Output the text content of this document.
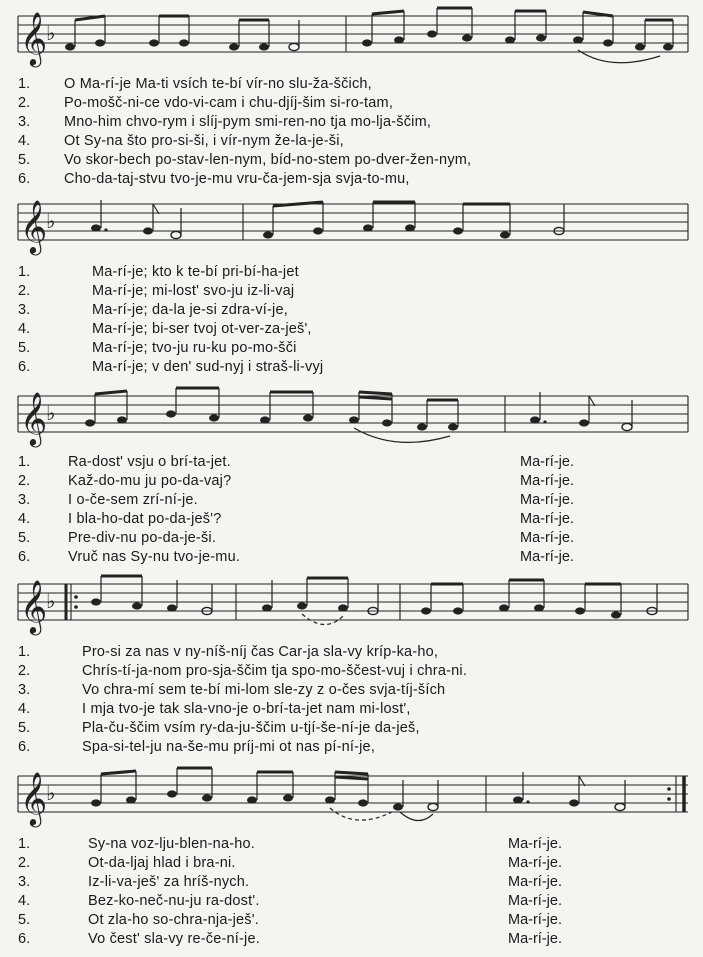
𝄞
♭
1.	O Ma-rí-je Ma-ti vsích te-bí vír-no slu-ža-ščich,
2.	Po-mošč-ni-ce vdo-vi-cam i chu-djíj-šim si-ro-tam,
3.	Mno-him chvo-rym i slíj-pym smi-ren-no tja mo-lja-ščim,
4.	Ot Sy-na što pro-si-ši, i vír-nym že-la-je-ši,
5.	Vo skor-bech po-stav-len-nym, bíd-no-stem po-dver-žen-nym,
6.	Cho-da-taj-stvu tvo-je-mu vru-ča-jem-sja svja-to-mu,
𝄞
♭
1.	Ma-rí-je; kto k te-bí pri-bí-ha-jet
2.	Ma-rí-je; mi-lost' svo-ju iz-li-vaj
3.	Ma-rí-je; da-la je-si zdra-ví-je,
4.	Ma-rí-je; bi-ser tvoj ot-ver-za-ješ',
5.	Ma-rí-je; tvo-ju ru-ku po-mo-šči
6.	Ma-rí-je; v den' sud-nyj i straš-li-vyj
𝄞
♭
1.	Ra-dost' vsju o brí-ta-jet.	Ma-rí-je.
2.	Kaž-do-mu ju po-da-vaj?	Ma-rí-je.
3.	I o-če-sem zrí-ní-je.	Ma-rí-je.
4.	I bla-ho-dat po-da-ješ'?	Ma-rí-je.
5.	Pre-div-nu po-da-je-ši.	Ma-rí-je.
6.	Vruč nas Sy-nu tvo-je-mu.	Ma-rí-je.
𝄞
♭
1.	Pro-si za nas v ny-níš-níj čas Car-ja sla-vy kríp-ka-ho,
2.	Chrís-tí-ja-nom pro-sja-ščim tja spo-mo-ščest-vuj i chra-ni.
3.	Vo chra-mí sem te-bí mi-lom sle-zy z o-čes svja-tíj-ších
4.	I mja tvo-je tak sla-vno-je o-brí-ta-jet nam mi-lost',
5.	Pla-ču-ščim vsím ry-da-ju-ščim u-tjí-še-ní-je da-ješ,
6.	Spa-si-tel-ju na-še-mu príj-mi ot nas pí-ní-je,
𝄞
♭
1.	Sy-na voz-lju-blen-na-ho.	Ma-rí-je.
2.	Ot-da-ljaj hlad i bra-ni.	Ma-rí-je.
3.	Iz-li-va-ješ' za hríš-nych.	Ma-rí-je.
4.	Bez-ko-neč-nu-ju ra-dost'.	Ma-rí-je.
5.	Ot zla-ho so-chra-nja-ješ'.	Ma-rí-je.
6.	Vo čest' sla-vy re-če-ní-je.	Ma-rí-je.
